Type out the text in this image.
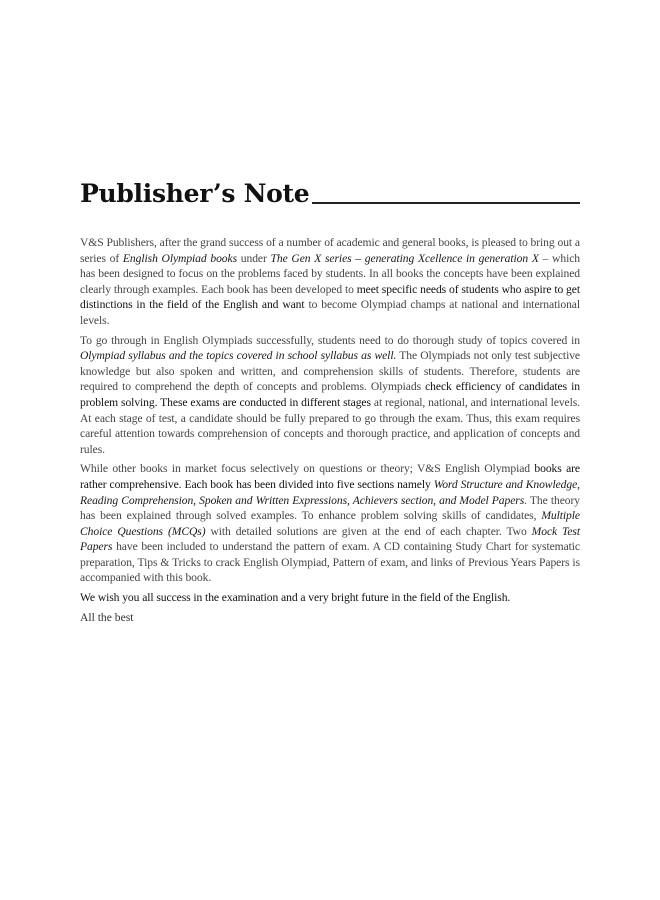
Publisher’s Note

V&S Publishers, after the grand success of a number of academic and general books, is pleased to bring out a series of English Olympiad books under The Gen X series – generating Xcellence in generation X – which has been designed to focus on the problems faced by students. In all books the concepts have been explained clearly through examples. Each book has been developed to meet specific needs of students who aspire to get distinctions in the field of the English and want to become Olympiad champs at national and international levels.

To go through in English Olympiads successfully, students need to do thorough study of topics covered in Olympiad syllabus and the topics covered in school syllabus as well. The Olympiads not only test subjective knowledge but also spoken and written, and comprehension skills of students. Therefore, students are required to comprehend the depth of concepts and problems. Olympiads check efficiency of candidates in problem solving. These exams are conducted in different stages at regional, national, and international levels. At each stage of test, a candidate should be fully prepared to go through the exam. Thus, this exam requires careful attention towards comprehension of concepts and thorough practice, and application of concepts and rules.

While other books in market focus selectively on questions or theory; V&S English Olympiad books are rather comprehensive. Each book has been divided into five sections namely Word Structure and Knowledge, Reading Comprehension, Spoken and Written Expressions, Achievers section, and Model Papers. The theory has been explained through solved examples. To enhance problem solving skills of candidates, Multiple Choice Questions (MCQs) with detailed solutions are given at the end of each chapter. Two Mock Test Papers have been included to understand the pattern of exam. A CD containing Study Chart for systematic preparation, Tips & Tricks to crack English Olympiad, Pattern of exam, and links of Previous Years Papers is accompanied with this book.

We wish you all success in the examination and a very bright future in the field of the English.

All the best
